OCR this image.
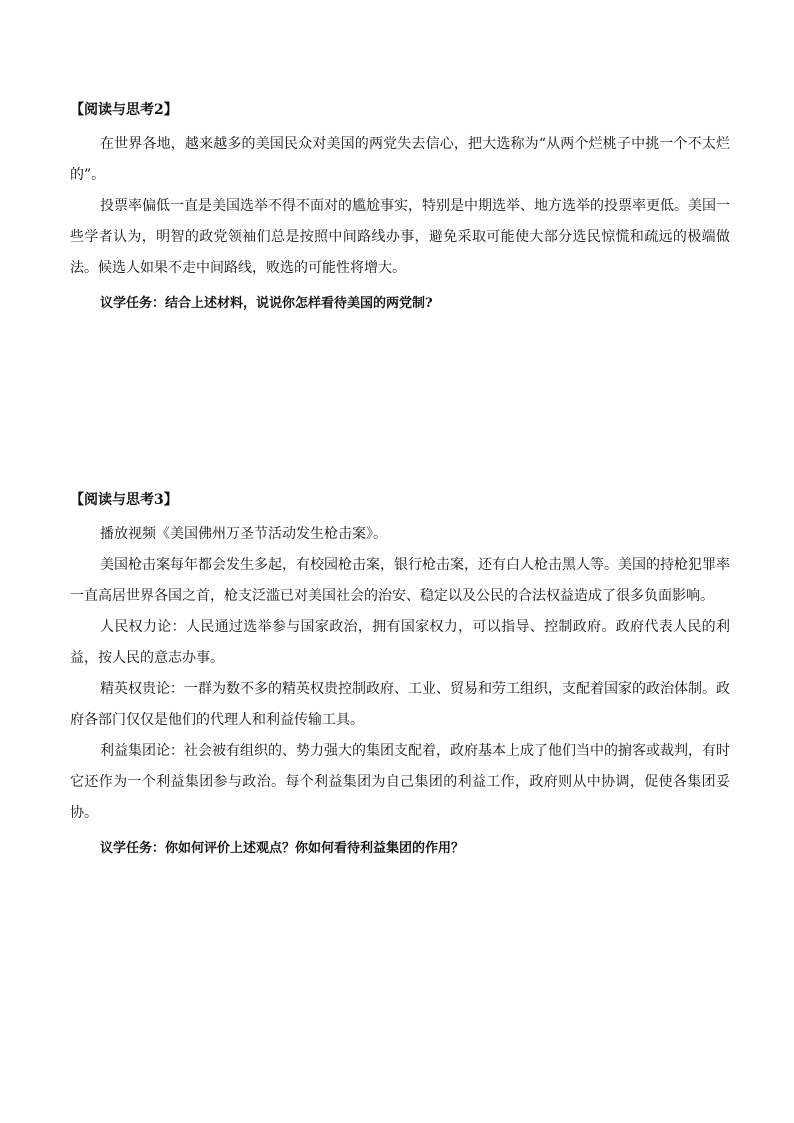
【阅读与思考2】

在世界各地，越来越多的美国民众对美国的两党失去信心，把大选称为“从两个烂桃子中挑一个不太烂的”。

投票率偏低一直是美国选举不得不面对的尴尬事实，特别是中期选举、地方选举的投票率更低。美国一些学者认为，明智的政党领袖们总是按照中间路线办事，避免采取可能使大部分选民惊慌和疏远的极端做法。候选人如果不走中间路线，败选的可能性将增大。

议学任务：结合上述材料，说说你怎样看待美国的两党制?

【阅读与思考3】

播放视频《美国佛州万圣节活动发生枪击案》。

美国枪击案每年都会发生多起，有校园枪击案，银行枪击案，还有白人枪击黑人等。美国的持枪犯罪率一直高居世界各国之首，枪支泛滥已对美国社会的治安、稳定以及公民的合法权益造成了很多负面影响。

人民权力论：人民通过选举参与国家政治，拥有国家权力，可以指导、控制政府。政府代表人民的利益，按人民的意志办事。

精英权贵论：一群为数不多的精英权贵控制政府、工业、贸易和劳工组织，支配着国家的政治体制。政府各部门仅仅是他们的代理人和利益传输工具。

利益集团论：社会被有组织的、势力强大的集团支配着，政府基本上成了他们当中的掮客或裁判，有时它还作为一个利益集团参与政治。每个利益集团为自己集团的利益工作，政府则从中协调，促使各集团妥协。

议学任务：你如何评价上述观点？你如何看待利益集团的作用？
